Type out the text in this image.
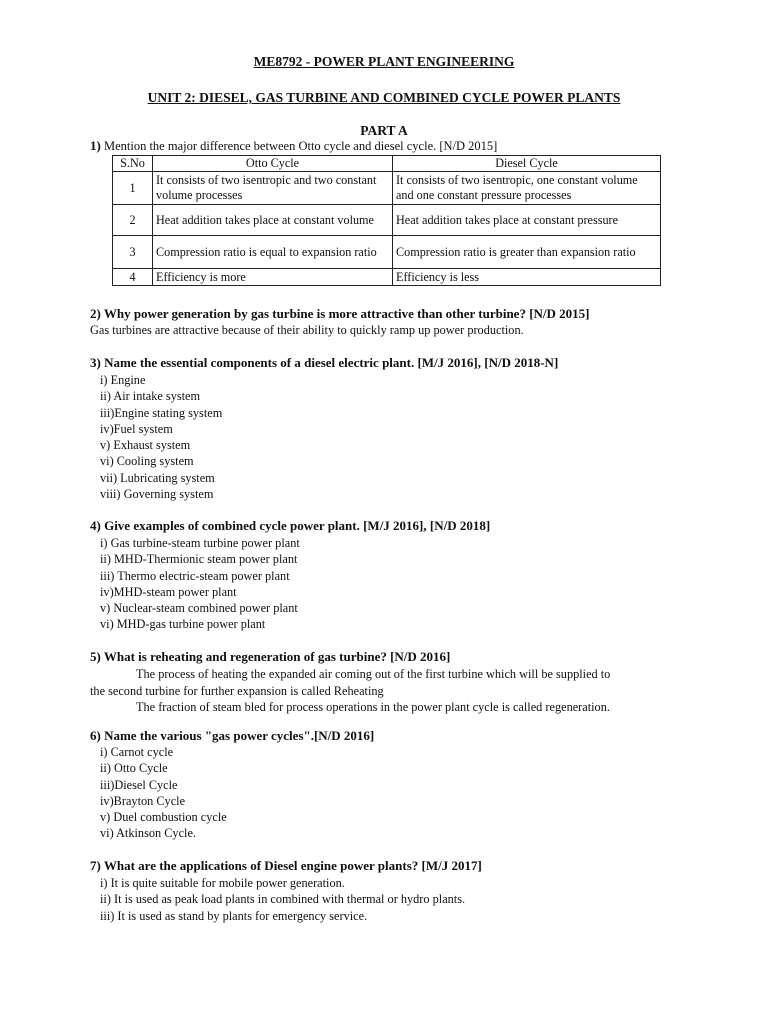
ME8792 - POWER PLANT ENGINEERING
UNIT 2: DIESEL, GAS TURBINE AND COMBINED CYCLE POWER PLANTS
PART A
1) Mention the major difference between Otto cycle and diesel cycle. [N/D 2015]
S.No	Otto Cycle	Diesel Cycle
1	It consists of two isentropic and two constant volume processes	It consists of two isentropic, one constant volume and one constant pressure processes
2	Heat addition takes place at constant volume	Heat addition takes place at constant pressure
3	Compression ratio is equal to expansion ratio	Compression ratio is greater than expansion ratio
4	Efficiency is more	Efficiency is less
2) Why power generation by gas turbine is more attractive than other turbine? [N/D 2015]
Gas turbines are attractive because of their ability to quickly ramp up power production.
3) Name the essential components of a diesel electric plant. [M/J 2016], [N/D 2018-N]
i) Engine
ii) Air intake system
iii)Engine stating system
iv)Fuel system
v) Exhaust system
vi) Cooling system
vii) Lubricating system
viii) Governing system
4) Give examples of combined cycle power plant. [M/J 2016], [N/D 2018]
i) Gas turbine-steam turbine power plant
ii) MHD-Thermionic steam power plant
iii) Thermo electric-steam power plant
iv)MHD-steam power plant
v) Nuclear-steam combined power plant
vi) MHD-gas turbine power plant
5) What is reheating and regeneration of gas turbine? [N/D 2016]
The process of heating the expanded air coming out of the first turbine which will be supplied to
the second turbine for further expansion is called Reheating
The fraction of steam bled for process operations in the power plant cycle is called regeneration.
6) Name the various "gas power cycles".[N/D 2016]
i) Carnot cycle
ii) Otto Cycle
iii)Diesel Cycle
iv)Brayton Cycle
v) Duel combustion cycle
vi) Atkinson Cycle.
7) What are the applications of Diesel engine power plants? [M/J 2017]
i) It is quite suitable for mobile power generation.
ii) It is used as peak load plants in combined with thermal or hydro plants.
iii) It is used as stand by plants for emergency service.
